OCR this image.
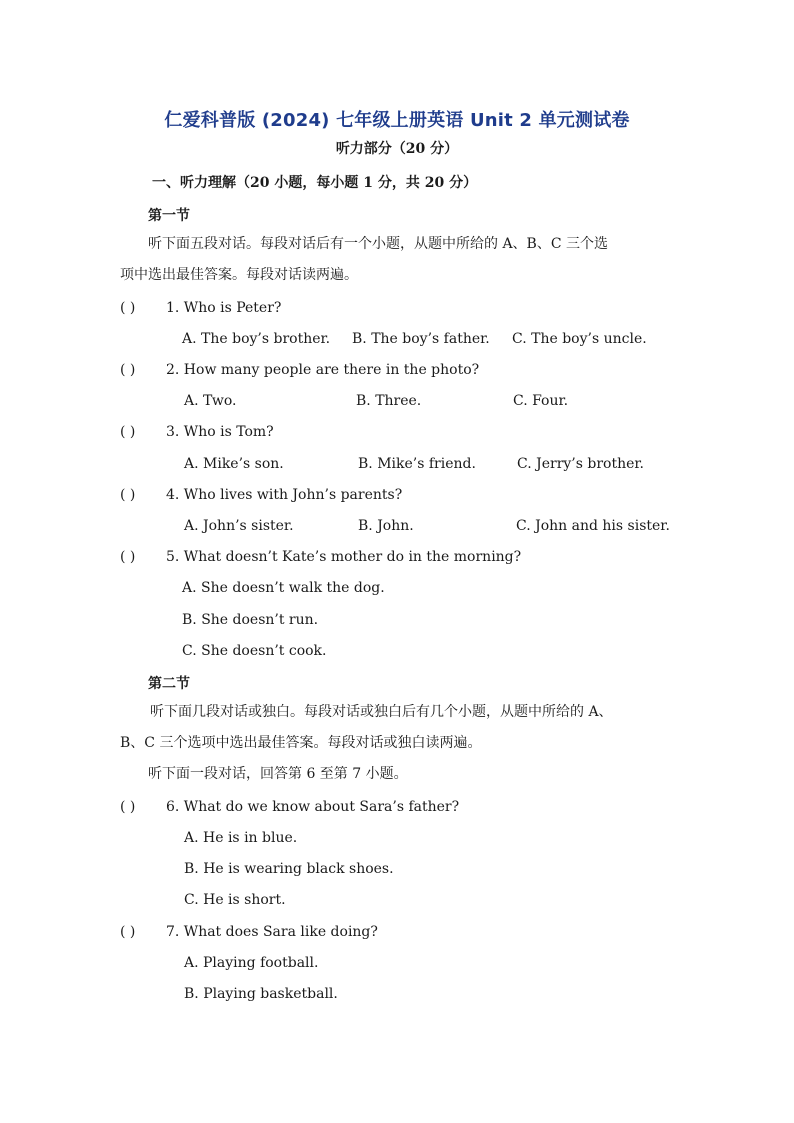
仁爱科普版 (2024) 七年级上册英语 Unit 2 单元测试卷
听力部分（20 分）
一、听力理解（20 小题，每小题 1 分，共 20 分）
第一节
听下面五段对话。每段对话后有一个小题，从题中所给的 A、B、C 三个选
项中选出最佳答案。每段对话读两遍。
( ) 1. Who is Peter?
A. The boy’s brother. B. The boy’s father. C. The boy’s uncle.
( ) 2. How many people are there in the photo?
A. Two.	B. Three.	C. Four.
( ) 3. Who is Tom?
A. Mike’s son.	B. Mike’s friend.	C. Jerry’s brother.
( ) 4. Who lives with John’s parents?
A. John’s sister.	B. John.	C. John and his sister.
( ) 5. What doesn’t Kate’s mother do in the morning?
A. She doesn’t walk the dog.
B. She doesn’t run.
C. She doesn’t cook.
第二节
听下面几段对话或独白。每段对话或独白后有几个小题，从题中所给的 A、
B、C 三个选项中选出最佳答案。每段对话或独白读两遍。
听下面一段对话，回答第 6 至第 7 小题。
( ) 6. What do we know about Sara’s father?
A. He is in blue.
B. He is wearing black shoes.
C. He is short.
( ) 7. What does Sara like doing?
A. Playing football.
B. Playing basketball.
